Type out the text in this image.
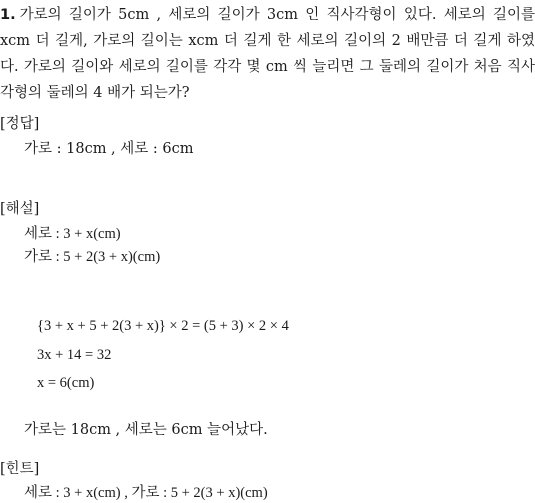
1. 가로의 길이가 5cm , 세로의 길이가 3cm 인 직사각형이 있다. 세로의 길이를 xcm 더 길게, 가로의 길이는 xcm 더 길게 한 세로의 길이의 2 배만큼 더 길게 하였다. 가로의 길이와 세로의 길이를 각각 몇 cm 씩 늘리면 그 둘레의 길이가 처음 직사각형의 둘레의 4 배가 되는가?
[정답]
가로 : 18cm , 세로 : 6cm
[해설]
세로 : 3 + x(cm)
가로 : 5 + 2(3 + x)(cm)
{3 + x + 5 + 2(3 + x)} × 2 = (5 + 3) × 2 × 4
3x + 14 = 32
x = 6(cm)
가로는 18cm , 세로는 6cm 늘어났다.
[힌트]
세로 : 3 + x(cm) , 가로 : 5 + 2(3 + x)(cm)
